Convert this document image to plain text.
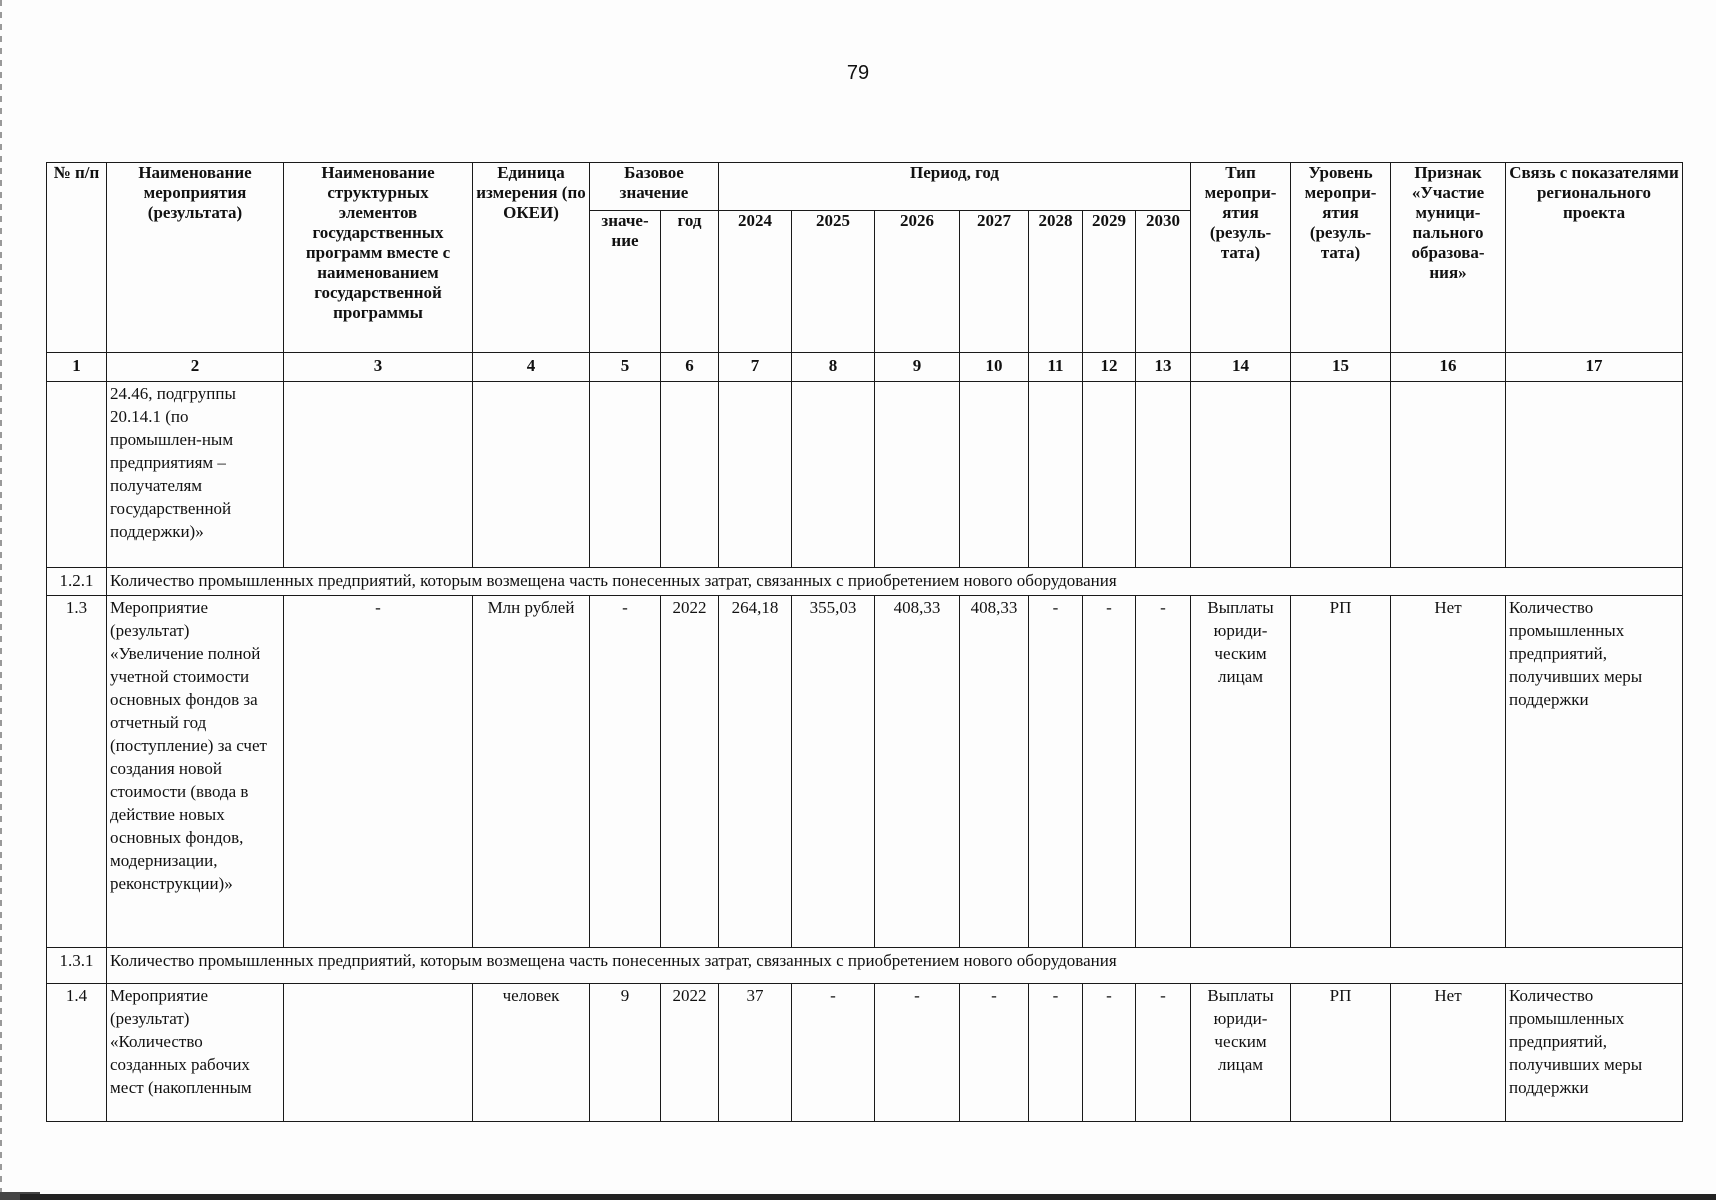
79
№ п/п	Наименование мероприятия (результата)	Наименование структурных элементов государственных программ вместе с наименованием государственной программы	Единица измерения (по ОКЕИ)	Базовое значение		Период, год							Тип меропри-ятия (резуль-тата)	Уровень меропри-ятия (резуль-тата)	Признак «Участие муници-пального образова-ния»	Связь с показателями регионального проекта
				значе-ние	год	2024	2025	2026	2027	2028	2029	2030				
1	2	3	4	5	6	7	8	9	10	11	12	13	14	15	16	17
	24.46, подгруппы 20.14.1 (по промышлен-ным предприятиям – получателям государственной поддержки)»															
1.2.1	Количество промышленных предприятий, которым возмещена часть понесенных затрат, связанных с приобретением нового оборудования															
1.3	Мероприятие (результат) «Увеличение полной учетной стоимости основных фондов за отчетный год (поступление) за счет создания новой стоимости (ввода в действие новых основных фондов, модернизации, реконструкции)»	-	Млн рублей	-	2022	264,18	355,03	408,33	408,33	-	-	-	Выплаты юриди-ческим лицам	РП	Нет	Количество промышленных предприятий, получивших меры поддержки
1.3.1	Количество промышленных предприятий, которым возмещена часть понесенных затрат, связанных с приобретением нового оборудования															
1.4	Мероприятие (результат) «Количество созданных рабочих мест (накопленным		человек	9	2022	37	-	-	-	-	-	-	Выплаты юриди-ческим лицам	РП	Нет	Количество промышленных предприятий, получивших меры поддержки
